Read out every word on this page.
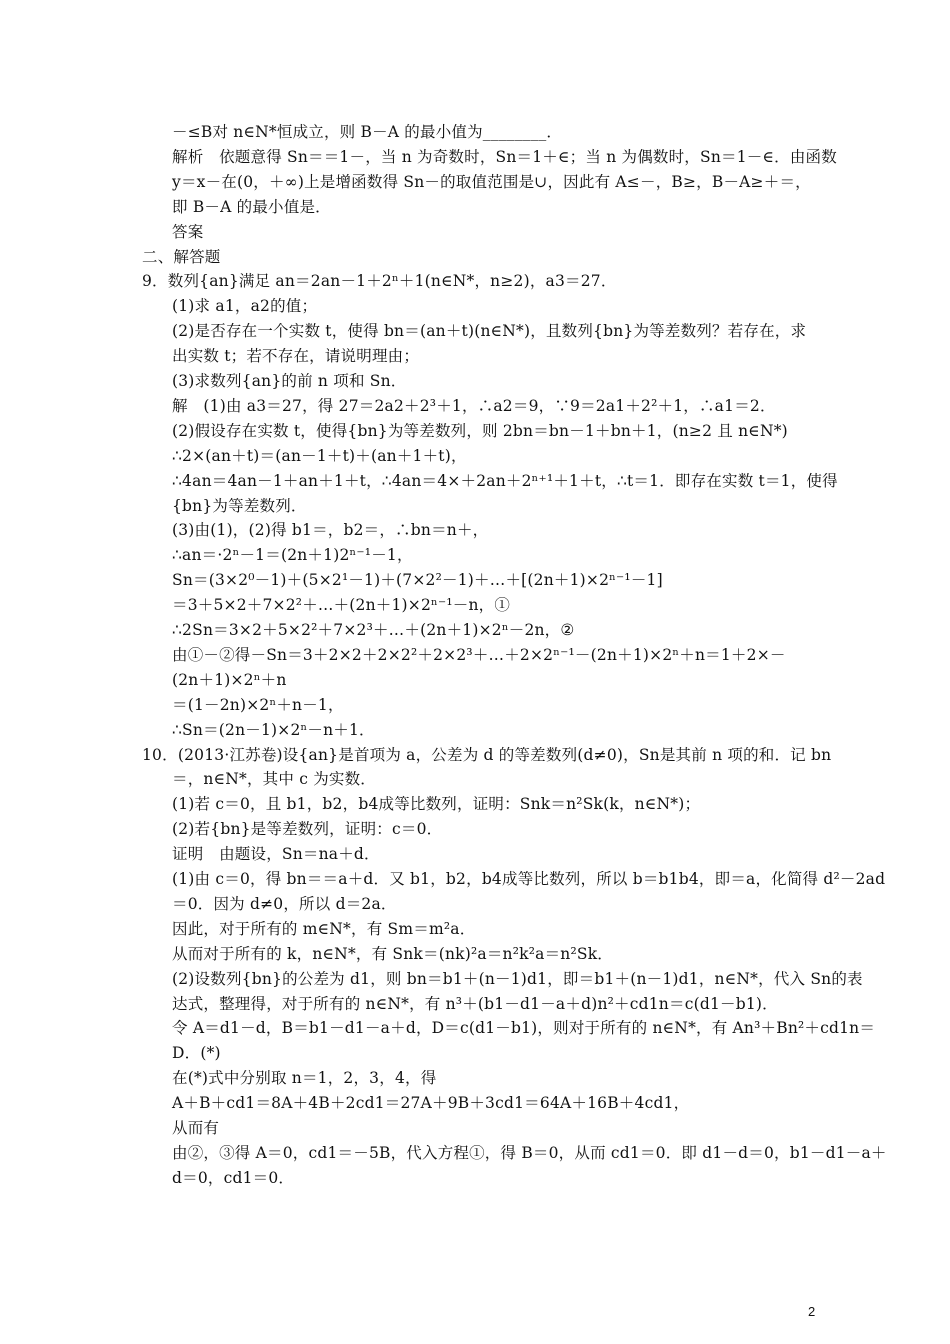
－≤B对 n∈N*恒成立，则 B－A 的最小值为________．
解析　依题意得 Sn＝＝1－，当 n 为奇数时，Sn＝1＋∈；当 n 为偶数时，Sn＝1－∈．由函数
y＝x－在(0，＋∞)上是增函数得 Sn－的取值范围是∪，因此有 A≤－，B≥，B－A≥＋＝，
即 B－A 的最小值是．
答案
二、解答题
9．数列{an}满足 an＝2an－1＋2ⁿ＋1(n∈N*，n≥2)，a3＝27．
(1)求 a1，a2的值；
(2)是否存在一个实数 t，使得 bn＝(an＋t)(n∈N*)，且数列{bn}为等差数列？若存在，求
出实数 t；若不存在，请说明理由；
(3)求数列{an}的前 n 项和 Sn．
解　(1)由 a3＝27，得 27＝2a2＋2³＋1，∴a2＝9，∵9＝2a1＋2²＋1，∴a1＝2．
(2)假设存在实数 t，使得{bn}为等差数列，则 2bn＝bn－1＋bn＋1，(n≥2 且 n∈N*)
∴2×(an＋t)＝(an－1＋t)＋(an＋1＋t)，
∴4an＝4an－1＋an＋1＋t，∴4an＝4×＋2an＋2ⁿ⁺¹＋1＋t，∴t＝1．即存在实数 t＝1，使得
{bn}为等差数列．
(3)由(1)，(2)得 b1＝，b2＝，∴bn＝n＋，
∴an＝·2ⁿ－1＝(2n＋1)2ⁿ⁻¹－1，
Sn＝(3×2⁰－1)＋(5×2¹－1)＋(7×2²－1)＋…＋[(2n＋1)×2ⁿ⁻¹－1]
＝3＋5×2＋7×2²＋…＋(2n＋1)×2ⁿ⁻¹－n，①
∴2Sn＝3×2＋5×2²＋7×2³＋…＋(2n＋1)×2ⁿ－2n，②
由①－②得－Sn＝3＋2×2＋2×2²＋2×2³＋…＋2×2ⁿ⁻¹－(2n＋1)×2ⁿ＋n＝1＋2×－
(2n＋1)×2ⁿ＋n
＝(1－2n)×2ⁿ＋n－1，
∴Sn＝(2n－1)×2ⁿ－n＋1．
10．(2013·江苏卷)设{an}是首项为 a，公差为 d 的等差数列(d≠0)，Sn是其前 n 项的和．记 bn
＝，n∈N*，其中 c 为实数．
(1)若 c＝0，且 b1，b2，b4成等比数列，证明：Snk＝n²Sk(k，n∈N*)；
(2)若{bn}是等差数列，证明：c＝0．
证明　由题设，Sn＝na＋d．
(1)由 c＝0，得 bn＝＝a＋d．又 b1，b2，b4成等比数列，所以 b＝b1b4，即＝a，化简得 d²－2ad
＝0．因为 d≠0，所以 d＝2a．
因此，对于所有的 m∈N*，有 Sm＝m²a．
从而对于所有的 k，n∈N*，有 Snk＝(nk)²a＝n²k²a＝n²Sk．
(2)设数列{bn}的公差为 d1，则 bn＝b1＋(n－1)d1，即＝b1＋(n－1)d1，n∈N*，代入 Sn的表
达式，整理得，对于所有的 n∈N*，有 n³＋(b1－d1－a＋d)n²＋cd1n＝c(d1－b1)．
令 A＝d1－d，B＝b1－d1－a＋d，D＝c(d1－b1)，则对于所有的 n∈N*，有 An³＋Bn²＋cd1n＝
D．(*)
在(*)式中分别取 n＝1，2，3，4，得
A＋B＋cd1＝8A＋4B＋2cd1＝27A＋9B＋3cd1＝64A＋16B＋4cd1，
从而有
由②，③得 A＝0，cd1＝－5B，代入方程①，得 B＝0，从而 cd1＝0．即 d1－d＝0，b1－d1－a＋
d＝0，cd1＝0．
2
